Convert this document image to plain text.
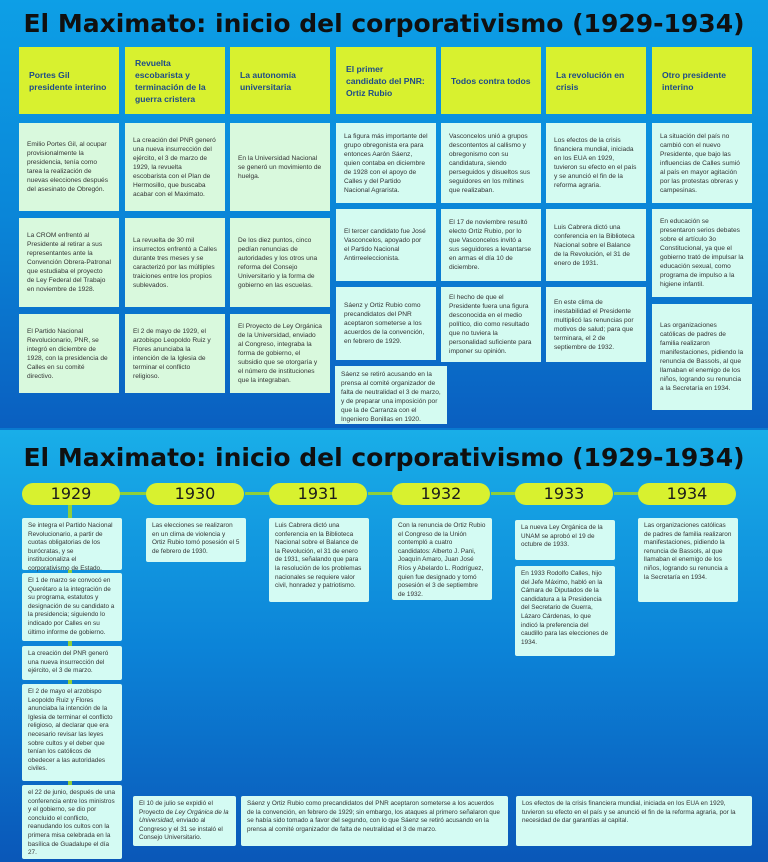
El Maximato: inicio del corporativismo (1929-1934)
Portes Gil presidente interino
Revuelta escobarista y terminación de la guerra cristera
La autonomía universitaria
El primer candidato del PNR: Ortiz Rubio
Todos contra todos
La revolución en crisis
Otro presidente interino
Emilio Portes Gil, al ocupar provisionalmente la presidencia, tenía como tarea la realización de nuevas elecciones después del asesinato de Obregón.
La CROM enfrentó al Presidente al retirar a sus representantes ante la Convención Obrera-Patronal que estudiaba el proyecto de Ley Federal del Trabajo en noviembre de 1928.
El Partido Nacional Revolucionario, PNR, se integró en diciembre de 1928, con la presidencia de Calles en su comité directivo.
La creación del PNR generó una nueva insurrección del ejército, el 3 de marzo de 1929, la revuelta escobarista con el Plan de Hermosillo, que buscaba acabar con el Maximato.
La revuelta de 30 mil insurrectos enfrentó a Calles durante tres meses y se caracterizó por las múltiples traiciones entre los propios sublevados.
El 2 de mayo de 1929, el arzobispo Leopoldo Ruiz y Flores anunciaba la intención de la Iglesia de terminar el conflicto religioso.
En la Universidad Nacional se generó un movimiento de huelga.
De los diez puntos, cinco pedían renuncias de autoridades y los otros una reforma del Consejo Universitario y la forma de gobierno en las escuelas.
El Proyecto de Ley Orgánica de la Universidad, enviado al Congreso, integraba la forma de gobierno, el subsidio que se otorgaría y el número de instituciones que la integraban.
La figura más importante del grupo obregonista era para entonces Aarón Sáenz, quien contaba en diciembre de 1928 con el apoyo de Calles y del Partido Nacional Agrarista.
El tercer candidato fue José Vasconcelos, apoyado por el Partido Nacional Antirreeleccionista.
Sáenz y Ortiz Rubio como precandidatos del PNR aceptaron someterse a los acuerdos de la convención, en febrero de 1929.
Vasconcelos unió a grupos descontentos al callismo y obregonismo con su candidatura, siendo perseguidos y disueltos sus seguidores en los mítines que realizaban.
El 17 de noviembre resultó electo Ortiz Rubio, por lo que Vasconcelos invitó a sus seguidores a levantarse en armas el día 10 de diciembre.
El hecho de que el Presidente fuera una figura desconocida en el medio político, dio como resultado que no tuviera la personalidad suficiente para imponer su opinión.
Los efectos de la crisis financiera mundial, iniciada en los EUA en 1929, tuvieron su efecto en el país y se anunció el fin de la reforma agraria.
Luis Cabrera dictó una conferencia en la Biblioteca Nacional sobre el Balance de la Revolución, el 31 de enero de 1931.
En este clima de inestabilidad el Presidente multiplicó las renuncias por motivos de salud; para que terminara, el 2 de septiembre de 1932.
La situación del país no cambió con el nuevo Presidente, que bajo las influencias de Calles sumió al país en mayor agitación por las protestas obreras y campesinas.
En educación se presentaron serios debates sobre el artículo 3o Constitucional, ya que el gobierno trató de impulsar la educación sexual, como programa de impulso a la higiene infantil.
Las organizaciones católicas de padres de familia realizaron manifestaciones, pidiendo la renuncia de Bassols, al que llamaban el enemigo de los niños, logrando su renuncia a la Secretaría en 1934.
Sáenz se retiró acusando en la prensa al comité organizador de falta de neutralidad el 3 de marzo, y de preparar una imposición por que la de Carranza con el Ingeniero Bonillas en 1920.
El Maximato: inicio del corporativismo (1929-1934)
1929	1930	1931	1932	1933	1934
Se integra el Partido Nacional Revolucionario, a partir de cuotas obligatorias de los burócratas, y se institucionaliza el corporativismo de Estado.
El 1 de marzo se convocó en Querétaro a la integración de su programa, estatutos y designación de su candidato a la presidencia; siguiendo lo indicado por Calles en su último informe de gobierno.
La creación del PNR generó una nueva insurrección del ejército, el 3 de marzo.
El 2 de mayo el arzobispo Leopoldo Ruiz y Flores anunciaba la intención de la Iglesia de terminar el conflicto religioso, al declarar que era necesario revisar las leyes sobre cultos y el deber que tenían los católicos de obedecer a las autoridades civiles.
el 22 de junio, después de una conferencia entre los ministros y el gobierno, se dio por concluido el conflicto, reanudando los cultos con la primera misa celebrada en la basílica de Guadalupe el día 27.
Las elecciones se realizaron en un clima de violencia y Ortiz Rubio tomó posesión el 5 de febrero de 1930.
Luis Cabrera dictó una conferencia en la Biblioteca Nacional sobre el Balance de la Revolución, el 31 de enero de 1931, señalando que para la resolución de los problemas nacionales se requiere valor civil, honradez y patriotismo.
Con la renuncia de Ortiz Rubio el Congreso de la Unión contempló a cuatro candidatos: Alberto J. Pani, Joaquín Amaro, Juan José Ríos y Abelardo L. Rodríguez, quien fue designado y tomó posesión el 3 de septiembre de 1932.
La nueva Ley Orgánica de la UNAM se aprobó el 19 de octubre de 1933.
En 1933 Rodolfo Calles, hijo del Jefe Máximo, habló en la Cámara de Diputados de la candidatura a la Presidencia del Secretario de Guerra, Lázaro Cárdenas, lo que indicó la preferencia del caudillo para las elecciones de 1934.
Las organizaciones católicas de padres de familia realizaron manifestaciones, pidiendo la renuncia de Bassols, al que llamaban el enemigo de los niños, logrando su renuncia a la Secretaría en 1934.
El 10 de julio se expidió el Proyecto de Ley Orgánica de la Universidad, enviado al Congreso y el 31 se instaló el Consejo Universitario.
Sáenz y Ortiz Rubio como precandidatos del PNR aceptaron someterse a los acuerdos de la convención, en febrero de 1929; sin embargo, los ataques al primero señalaron que se había sido tomado a favor del segundo, con lo que Sáenz se retiró acusando en la prensa al comité organizador de falta de neutralidad el 3 de marzo.
Los efectos de la crisis financiera mundial, iniciada en los EUA en 1929, tuvieron su efecto en el país y se anunció el fin de la reforma agraria, por la necesidad de dar garantías al capital.
